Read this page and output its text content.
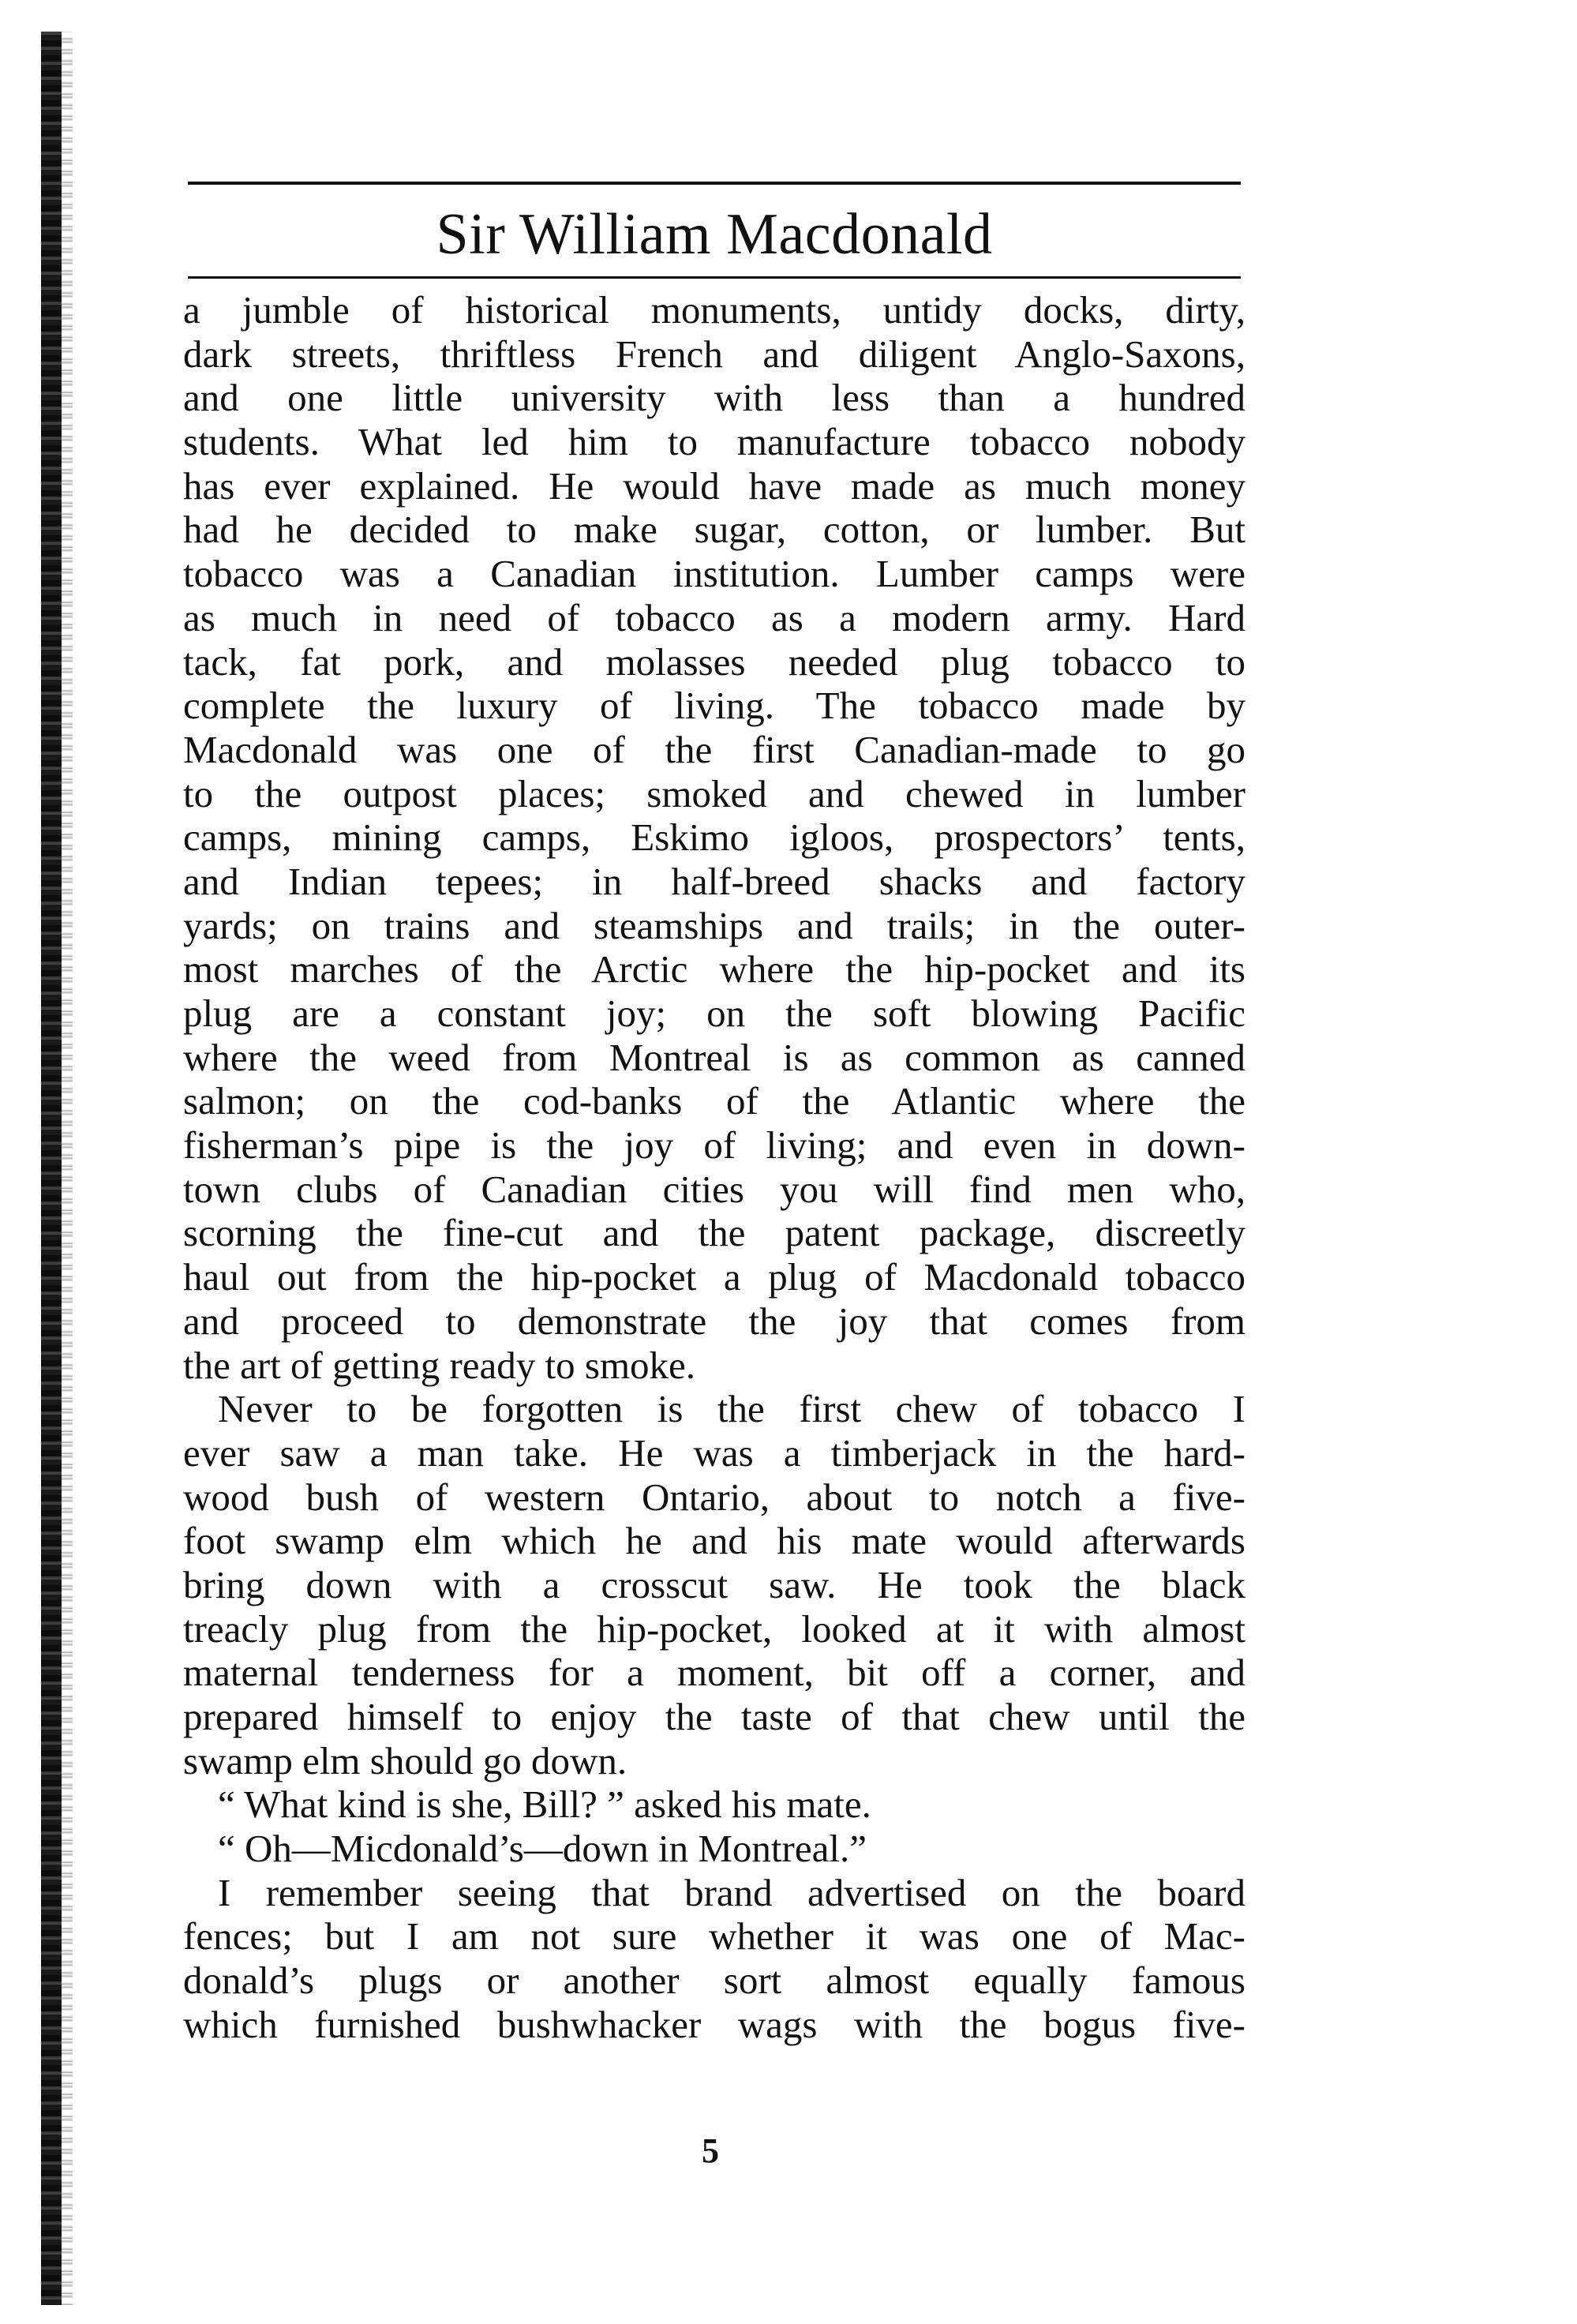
Sir William Macdonald
a jumble of historical monuments, untidy docks, dirty,
dark streets, thriftless French and diligent Anglo-Saxons,
and one little university with less than a hundred
students. What led him to manufacture tobacco nobody
has ever explained. He would have made as much money
had he decided to make sugar, cotton, or lumber. But
tobacco was a Canadian institution. Lumber camps were
as much in need of tobacco as a modern army. Hard
tack, fat pork, and molasses needed plug tobacco to
complete the luxury of living. The tobacco made by
Macdonald was one of the first Canadian-made to go
to the outpost places; smoked and chewed in lumber
camps, mining camps, Eskimo igloos, prospectors’ tents,
and Indian tepees; in half-breed shacks and factory
yards; on trains and steamships and trails; in the outer-
most marches of the Arctic where the hip-pocket and its
plug are a constant joy; on the soft blowing Pacific
where the weed from Montreal is as common as canned
salmon; on the cod-banks of the Atlantic where the
fisherman’s pipe is the joy of living; and even in down-
town clubs of Canadian cities you will find men who,
scorning the fine-cut and the patent package, discreetly
haul out from the hip-pocket a plug of Macdonald tobacco
and proceed to demonstrate the joy that comes from
the art of getting ready to smoke.
Never to be forgotten is the first chew of tobacco I
ever saw a man take. He was a timberjack in the hard-
wood bush of western Ontario, about to notch a five-
foot swamp elm which he and his mate would afterwards
bring down with a crosscut saw. He took the black
treacly plug from the hip-pocket, looked at it with almost
maternal tenderness for a moment, bit off a corner, and
prepared himself to enjoy the taste of that chew until the
swamp elm should go down.
“ What kind is she, Bill? ” asked his mate.
“ Oh—Micdonald’s—down in Montreal.”
I remember seeing that brand advertised on the board
fences; but I am not sure whether it was one of Mac-
donald’s plugs or another sort almost equally famous
which furnished bushwhacker wags with the bogus five-
5
